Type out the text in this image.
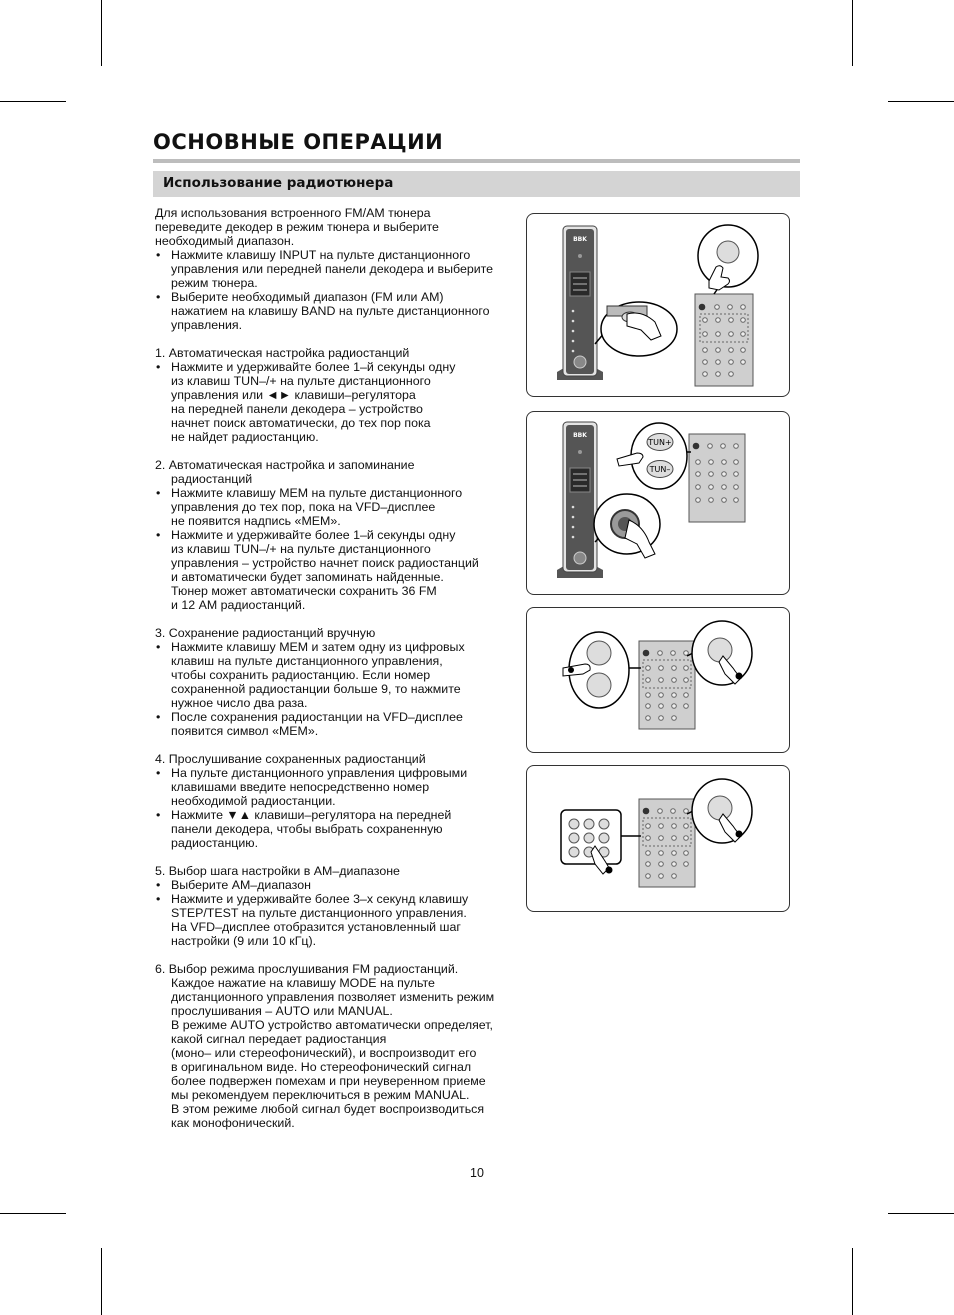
ОСНОВНЫЕ ОПЕРАЦИИ
Использование радиотюнера

Для использования встроенного FM/AM тюнера

переведите декодер в режим тюнера и выберите

необходимый диапазон.

• Нажмите клавишу INPUT на пульте дистанционного

управления или передней панели декодера и выберите

режим тюнера.

• Выберите необходимый диапазон (FM или AM)

нажатием на клавишу BAND на пульте дистанционного

управления.

1. Автоматическая настройка радиостанций

• Нажмите и удерживайте более 1–й секунды одну

из клавиш TUN–/+ на пульте дистанционного

управления или ◄► клавиши–регулятора

на передней панели декодера – устройство

начнет поиск автоматически, до тех пор пока

не найдет радиостанцию.

2. Автоматическая настройка и запоминание

радиостанций

• Нажмите клавишу MEM на пульте дистанционного

управления до тех пор, пока на VFD–дисплее

не появится надпись «MEM».

• Нажмите и удерживайте более 1–й секунды одну

из клавиш TUN–/+ на пульте дистанционного

управления – устройство начнет поиск радиостанций

и автоматически будет запоминать найденные.

Тюнер может автоматически сохранить 36 FM

и 12 AM радиостанций.

3. Сохранение радиостанций вручную

• Нажмите клавишу MEM и затем одну из цифровых

клавиш на пульте дистанционного управления,

чтобы сохранить радиостанцию. Если номер

сохраненной радиостанции больше 9, то нажмите

нужное число два раза.

• После сохранения радиостанции на VFD–дисплее

появится символ «MEM».

4. Прослушивание сохраненных радиостанций

• На пульте дистанционного управления цифровыми

клавишами введите непосредственно номер

необходимой радиостанции.

• Нажмите ▼▲ клавиши–регулятора на передней

панели декодера, чтобы выбрать сохраненную

радиостанцию.

5. Выбор шага настройки в AM–диапазоне

• Выберите AM–диапазон

• Нажмите и удерживайте более 3–х секунд клавишу

STEP/TEST на пульте дистанционного управления.

На VFD–дисплее отобразится установленный шаг

настройки (9 или 10 кГц).

6. Выбор режима прослушивания FM радиостанций.

Каждое нажатие на клавишу MODE на пульте

дистанционного управления позволяет изменить режим

прослушивания – AUTO или MANUAL.

В режиме AUTO устройство автоматически определяет,

какой сигнал передает радиостанция

(моно– или стереофонический), и воспроизводит его

в оригинальном виде. Но стереофонический сигнал

более подвержен помехам и при неуверенном приеме

мы рекомендуем переключиться в режим MANUAL.

В этом режиме любой сигнал будет воспроизводиться

как монофонический.

BBK
BBK
TUN+
TUN–
10
